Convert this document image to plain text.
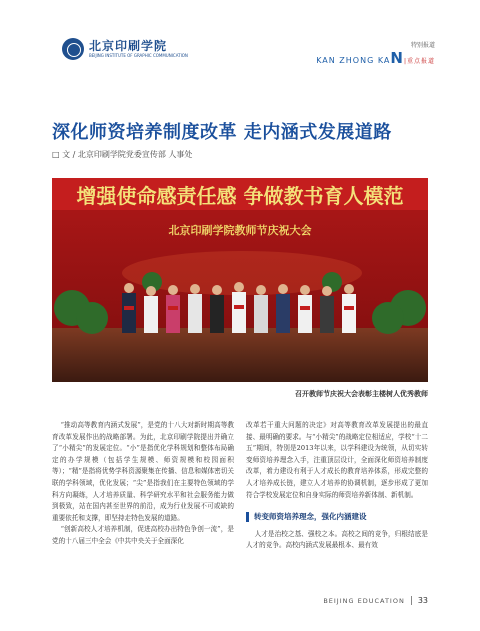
北京印刷学院
BEIJING INSTITUTE OF GRAPHIC COMMUNICATION
特别报道
KAN ZHONG KAN|重点报道
深化师资培养制度改革 走内涵式发展道路
□ 文 / 北京印刷学院党委宣传部 人事处
增强使命感责任感 争做教书育人模范
北京印刷学院教师节庆祝大会
召开教师节庆祝大会表彰主楼树人优秀教师

“推动高等教育内涵式发展”，是党的十八大对新时期高等教育改革发展作出的战略部署。为此，北京印刷学院提出并确立了“小精尖”的发展定位。“小”是指优化学科规划和整体布局确定的办学规模（包括学生规模、师资规模和校园面积等）；“精”是指将优势学科资源聚集在传播、信息和媒体密切关联的学科领域，优化发展；“尖”是指我们在主要特色领域的学科方向凝练，人才培养质量、科学研究水平和社会服务能力做到极致，站在国内甚至世界的前沿，成为行业发展不可或缺的重要依托和支撑，即坚持走特色发展的道路。

“创新高校人才培养机制，促进高校办出特色争创一流”，是党的十八届三中全会《中共中央关于全面深化

改革若干重大问题的决定》对高等教育改革发展提出的最直接、最明确的要求。与“小精尖”的战略定位相适应，学校“十二五”期间，特别是2013年以来，以学科建设为统领，从切实转变师资培养理念入手，注重顶层设计，全面深化师资培养制度改革，着力建设有利于人才成长的教育培养体系，形成完整的人才培养成长链，建立人才培养的协调机制，逐步形成了更加符合学校发展定位和自身实际的师资培养新体制、新机制。

转变师资培养理念，强化内涵建设

人才是治校之基、强校之本。高校之间的竞争，归根结底是人才的竞争。高校内涵式发展最根本、最有效

BEIJING EDUCATION 33
